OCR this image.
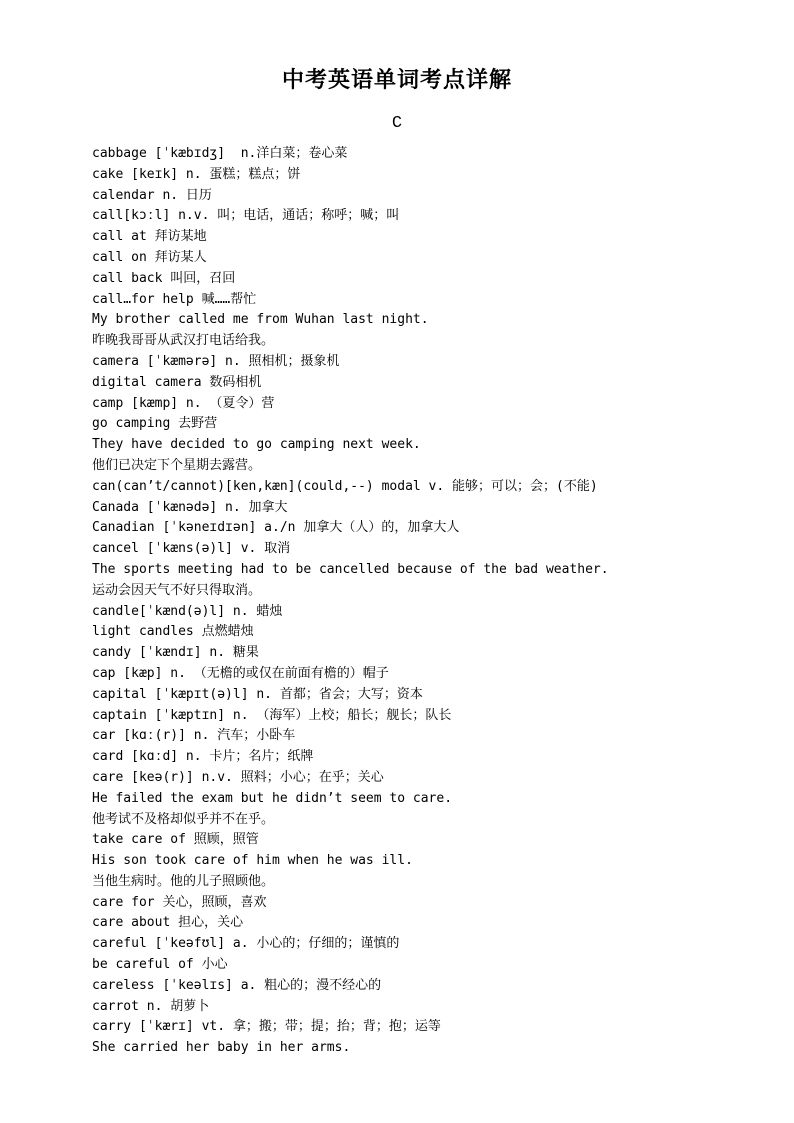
中考英语单词考点详解
C
cabbage [ˈkæbɪdʒ]  n.洋白菜；卷心菜
cake [keɪk] n. 蛋糕；糕点；饼
calendar n. 日历
call[kɔːl] n.v. 叫；电话，通话；称呼；喊；叫
call at 拜访某地
call on 拜访某人
call back 叫回，召回
call…for help 喊……帮忙
My brother called me from Wuhan last night.
昨晚我哥哥从武汉打电话给我。
camera [ˈkæmərə] n. 照相机；摄象机
digital camera 数码相机
camp [kæmp] n. （夏令）营
go camping 去野营
They have decided to go camping next week.
他们已决定下个星期去露营。
can(can’t/cannot)[ken,kæn](could,--) modal v. 能够；可以；会；(不能)
Canada [ˈkænədə] n. 加拿大
Canadian [ˈkəneɪdɪən] a./n 加拿大（人）的，加拿大人
cancel [ˈkæns(ə)l] v. 取消
The sports meeting had to be cancelled because of the bad weather.
运动会因天气不好只得取消。
candle[ˈkænd(ə)l] n. 蜡烛
light candles 点燃蜡烛
candy [ˈkændɪ] n. 糖果
cap [kæp] n. （无檐的或仅在前面有檐的）帽子
capital [ˈkæpɪt(ə)l] n. 首都；省会；大写；资本
captain [ˈkæptɪn] n. （海军）上校；船长；舰长；队长
car [kɑː(r)] n. 汽车；小卧车
card [kɑːd] n. 卡片；名片；纸牌
care [keə(r)] n.v. 照料；小心；在乎；关心
He failed the exam but he didn’t seem to care.
他考试不及格却似乎并不在乎。
take care of 照顾，照管
His son took care of him when he was ill.
当他生病时。他的儿子照顾他。
care for 关心，照顾，喜欢
care about 担心，关心
careful [ˈkeəfʊl] a. 小心的；仔细的；谨慎的
be careful of 小心
careless [ˈkeəlɪs] a. 粗心的；漫不经心的
carrot n. 胡萝卜
carry [ˈkærɪ] vt. 拿；搬；带；提；抬；背；抱；运等
She carried her baby in her arms.
